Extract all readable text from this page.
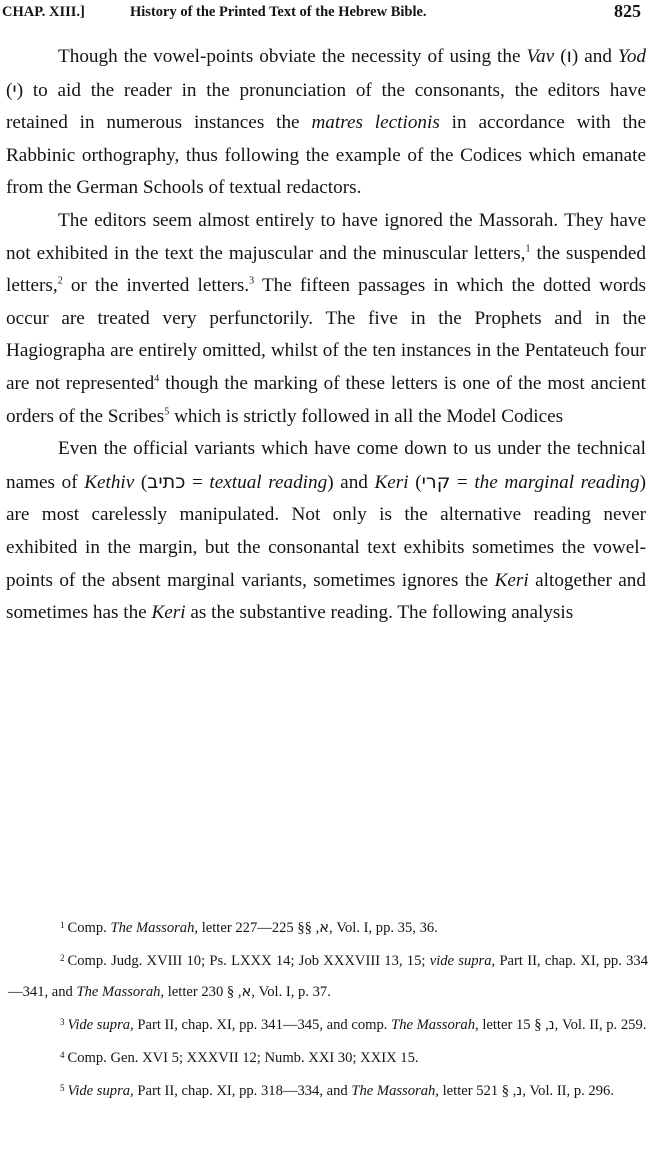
CHAP. XIII.]	History of the Printed Text of the Hebrew Bible.	825

Though the vowel-points obviate the necessity of using the Vav (ו) and Yod (י) to aid the reader in the pronunciation of the consonants, the editors have retained in numerous instances the matres lectionis in accordance with the Rabbinic orthography, thus following the example of the Codices which emanate from the German Schools of textual redactors.

The editors seem almost entirely to have ignored the Massorah. They have not exhibited in the text the majuscular and the minuscular letters,$^1$ the suspended letters,$^2$ or the inverted letters.$^3$ The fifteen passages in which the dotted words occur are treated very perfunctorily. The five in the Prophets and in the Hagiographa are entirely omitted, whilst of the ten instances in the Pentateuch four are not represented$^4$ though the marking of these letters is one of the most ancient orders of the Scribes$^5$ which is strictly followed in all the Model Codices

Even the official variants which have come down to us under the technical names of Kethiv (כתיב = textual reading) and Keri (קרי = the marginal reading) are most carelessly manipulated. Not only is the alternative reading never exhibited in the margin, but the consonantal text exhibits sometimes the vowel-points of the absent marginal variants, sometimes ignores the Keri altogether and sometimes has the Keri as the substantive reading. The following analysis

$^1$ Comp. The Massorah, letter	א, §§ 225—227, Vol. I, pp. 35, 36.

$^2$ Comp. Judg. XVIII 10; Ps. LXXX 14; Job XXXVIII 13, 15; vide supra, Part II, chap. XI, pp. 334—341, and The Massorah, letter	א, § 230, Vol. I, p. 37.

$^3$ Vide supra, Part II, chap. XI, pp. 341—345, and comp. The Massorah, letter נ, § 15, Vol. II, p. 259.

$^4$ Comp. Gen. XVI 5; XXXVII 12; Numb. XXI 30; XXIX 15.

$^5$ Vide supra, Part II, chap. XI, pp. 318—334, and The Massorah, letter	נ, § 521, Vol. II, p. 296.
